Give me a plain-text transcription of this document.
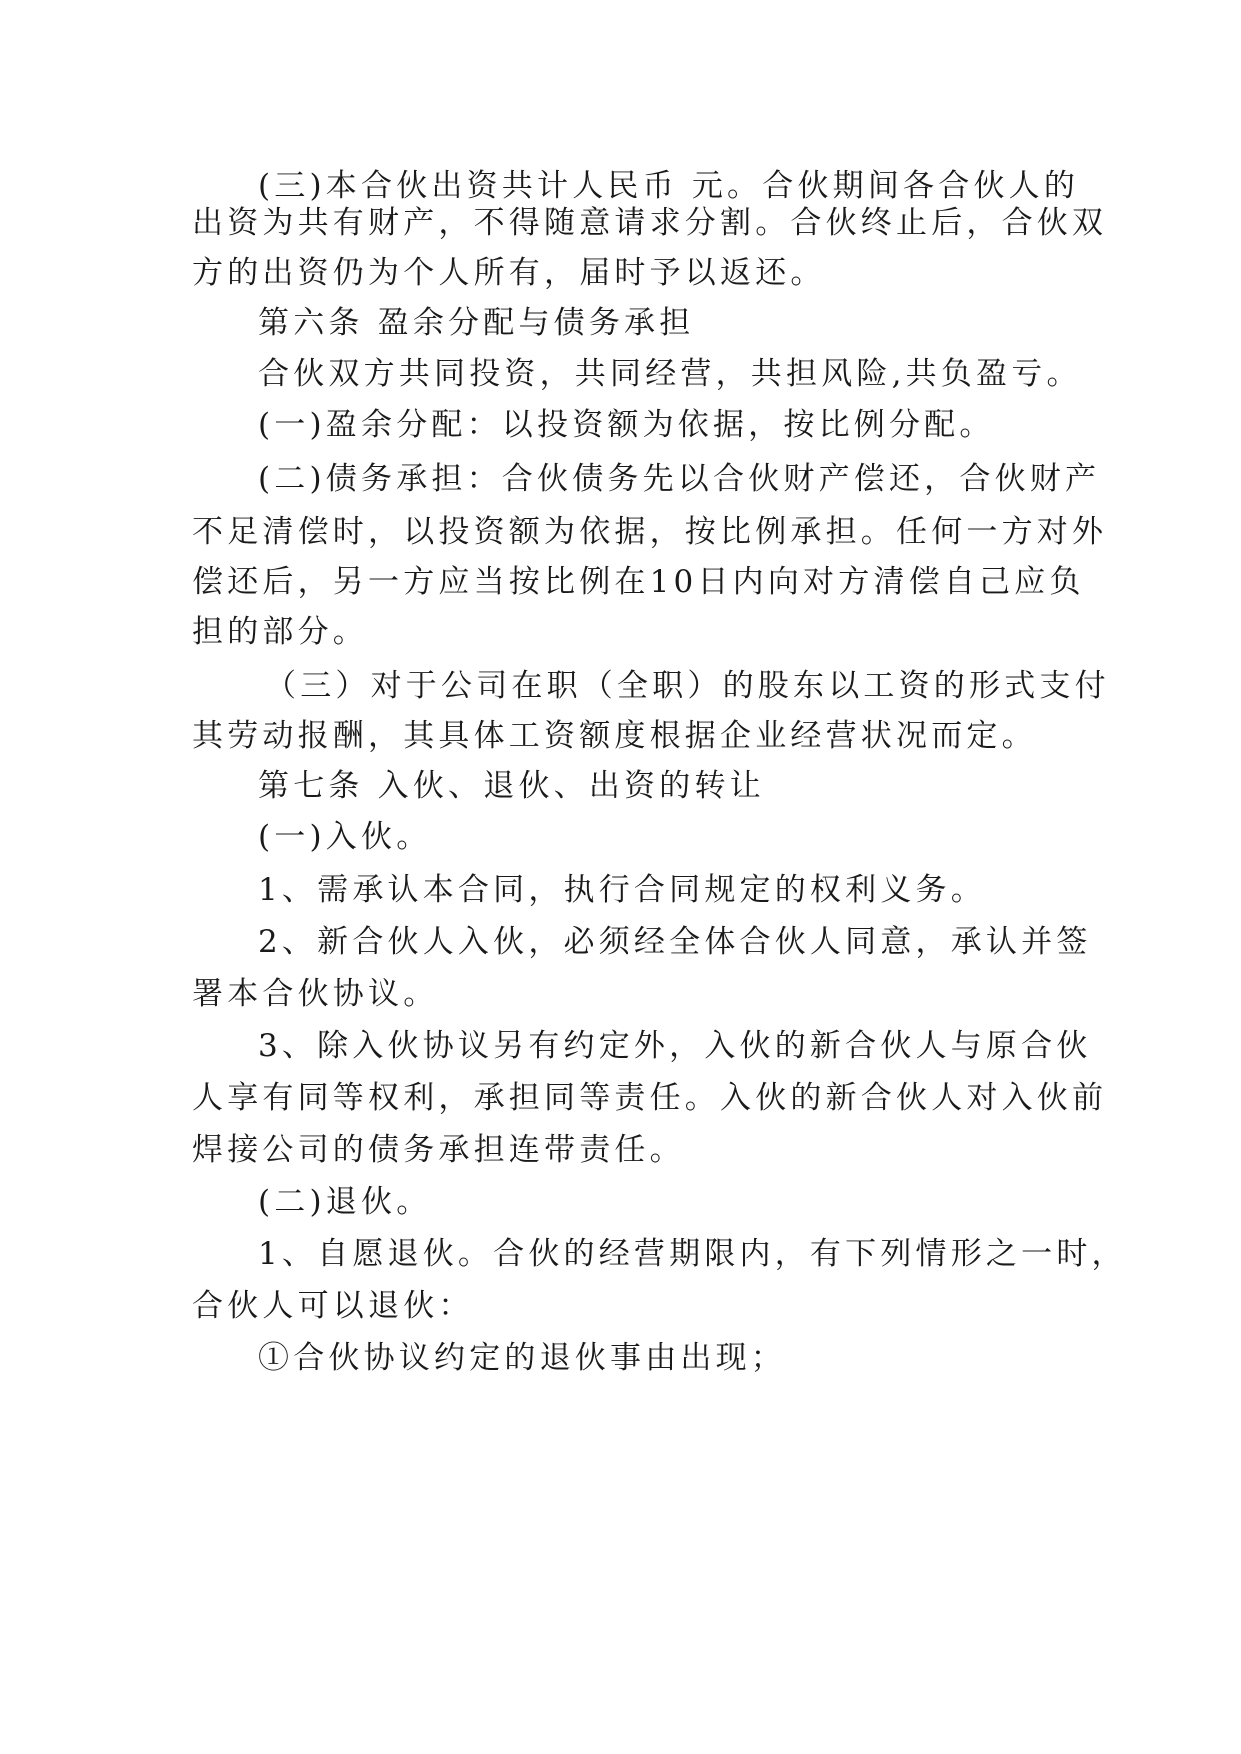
(三)本合伙出资共计人民币 元。合伙期间各合伙人的
出资为共有财产，不得随意请求分割。合伙终止后，合伙双
方的出资仍为个人所有，届时予以返还。
第六条 盈余分配与债务承担
合伙双方共同投资，共同经营，共担风险,共负盈亏。
(一)盈余分配：以投资额为依据，按比例分配。
(二)债务承担：合伙债务先以合伙财产偿还，合伙财产
不足清偿时，以投资额为依据，按比例承担。任何一方对外
偿还后，另一方应当按比例在10日内向对方清偿自己应负
担的部分。
（三）对于公司在职（全职）的股东以工资的形式支付
其劳动报酬，其具体工资额度根据企业经营状况而定。
第七条 入伙、退伙、出资的转让
(一)入伙。
1、需承认本合同，执行合同规定的权利义务。
2、新合伙人入伙，必须经全体合伙人同意，承认并签
署本合伙协议。
3、除入伙协议另有约定外，入伙的新合伙人与原合伙
人享有同等权利，承担同等责任。入伙的新合伙人对入伙前
焊接公司的债务承担连带责任。
(二)退伙。
1、自愿退伙。合伙的经营期限内，有下列情形之一时，
合伙人可以退伙：
①合伙协议约定的退伙事由出现；
